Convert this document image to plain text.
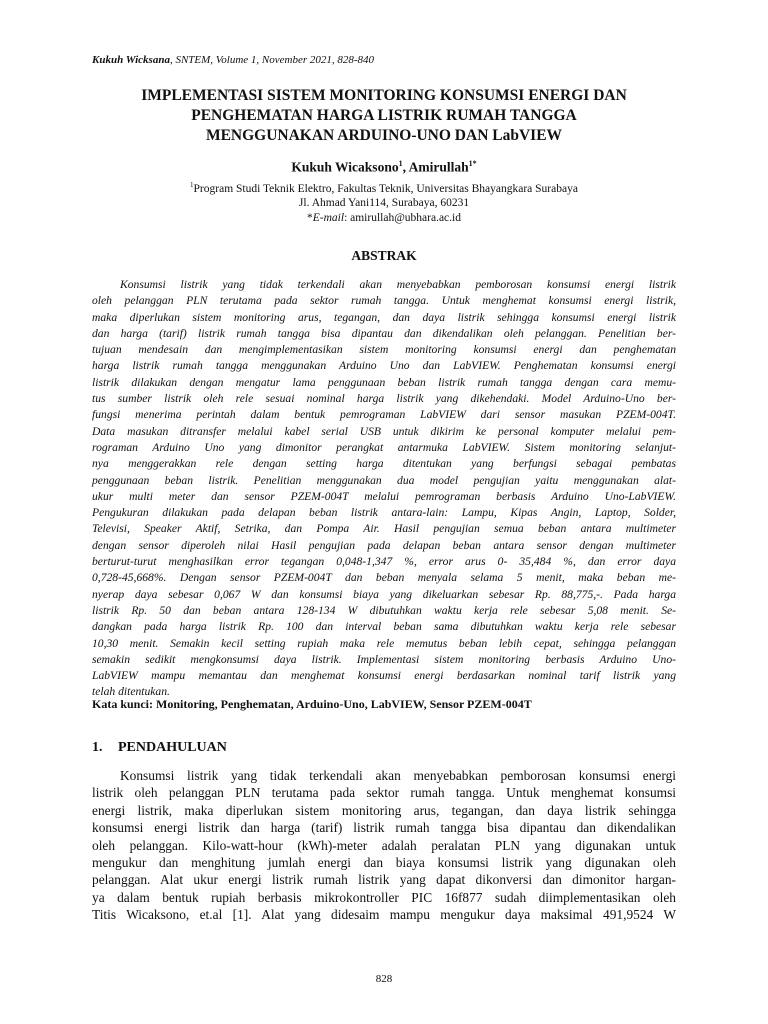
Kukuh Wicksana, SNTEM, Volume 1, November 2021, 828-840
IMPLEMENTASI SISTEM MONITORING KONSUMSI ENERGI DAN
PENGHEMATAN HARGA LISTRIK RUMAH TANGGA
MENGGUNAKAN ARDUINO-UNO DAN LabVIEW
Kukuh Wicaksono$^1$, Amirullah$^{1*}$
$^1$Program Studi Teknik Elektro, Fakultas Teknik, Universitas Bhayangkara Surabaya
Jl. Ahmad Yani114, Surabaya, 60231
*E-mail: amirullah@ubhara.ac.id
ABSTRAK
Konsumsi listrik yang tidak terkendali akan menyebabkan pemborosan konsumsi energi listrik
oleh pelanggan PLN terutama pada sektor rumah tangga. Untuk menghemat konsumsi energi listrik,
maka diperlukan sistem monitoring arus, tegangan, dan daya listrik sehingga konsumsi energi listrik
dan harga (tarif) listrik rumah tangga bisa dipantau dan dikendalikan oleh pelanggan. Penelitian ber-
tujuan mendesain dan mengimplementasikan sistem monitoring konsumsi energi dan penghematan
harga listrik rumah tangga menggunakan Arduino Uno dan LabVIEW. Penghematan konsumsi energi
listrik dilakukan dengan mengatur lama penggunaan beban listrik rumah tangga dengan cara memu-
tus sumber listrik oleh rele sesuai nominal harga listrik yang dikehendaki. Model Arduino-Uno ber-
fungsi menerima perintah dalam bentuk pemrograman LabVIEW dari sensor masukan PZEM-004T.
Data masukan ditransfer melalui kabel serial USB untuk dikirim ke personal komputer melalui pem-
rograman Arduino Uno yang dimonitor perangkat antarmuka LabVIEW. Sistem monitoring selanjut-
nya menggerakkan rele dengan setting harga ditentukan yang berfungsi sebagai pembatas
penggunaan beban listrik. Penelitian menggunakan dua model pengujian yaitu menggunakan alat-
ukur multi meter dan sensor PZEM-004T melalui pemrograman berbasis Arduino Uno-LabVIEW.
Pengukuran dilakukan pada delapan beban listrik antara-lain: Lampu, Kipas Angin, Laptop, Solder,
Televisi, Speaker Aktif, Setrika, dan Pompa Air. Hasil pengujian semua beban antara multimeter
dengan sensor diperoleh nilai Hasil pengujian pada delapan beban antara sensor dengan multimeter
berturut-turut menghasilkan error tegangan 0,048-1,347 %, error arus 0- 35,484 %, dan error daya
0,728-45,668%. Dengan sensor PZEM-004T dan beban menyala selama 5 menit, maka beban me-
nyerap daya sebesar 0,067 W dan konsumsi biaya yang dikeluarkan sebesar Rp. 88,775,-. Pada harga
listrik Rp. 50 dan beban antara 128-134 W dibutuhkan waktu kerja rele sebesar 5,08 menit. Se-
dangkan pada harga listrik Rp. 100 dan interval beban sama dibutuhkan waktu kerja rele sebesar
10,30 menit. Semakin kecil setting rupiah maka rele memutus beban lebih cepat, sehingga pelanggan
semakin sedikit mengkonsumsi daya listrik. Implementasi sistem monitoring berbasis Arduino Uno-
LabVIEW mampu memantau dan menghemat konsumsi energi berdasarkan nominal tarif listrik yang
telah ditentukan.
Kata kunci: Monitoring, Penghematan, Arduino-Uno, LabVIEW, Sensor PZEM-004T
1. PENDAHULUAN
Konsumsi listrik yang tidak terkendali akan menyebabkan pemborosan konsumsi energi
listrik oleh pelanggan PLN terutama pada sektor rumah tangga. Untuk menghemat konsumsi
energi listrik, maka diperlukan sistem monitoring arus, tegangan, dan daya listrik sehingga
konsumsi energi listrik dan harga (tarif) listrik rumah tangga bisa dipantau dan dikendalikan
oleh pelanggan. Kilo-watt-hour (kWh)-meter adalah peralatan PLN yang digunakan untuk
mengukur dan menghitung jumlah energi dan biaya konsumsi listrik yang digunakan oleh
pelanggan. Alat ukur energi listrik rumah listrik yang dapat dikonversi dan dimonitor hargan-
ya dalam bentuk rupiah berbasis mikrokontroller PIC 16f877 sudah diimplementasikan oleh
Titis Wicaksono, et.al [1]. Alat yang didesaim mampu mengukur daya maksimal 491,9524 W
828
